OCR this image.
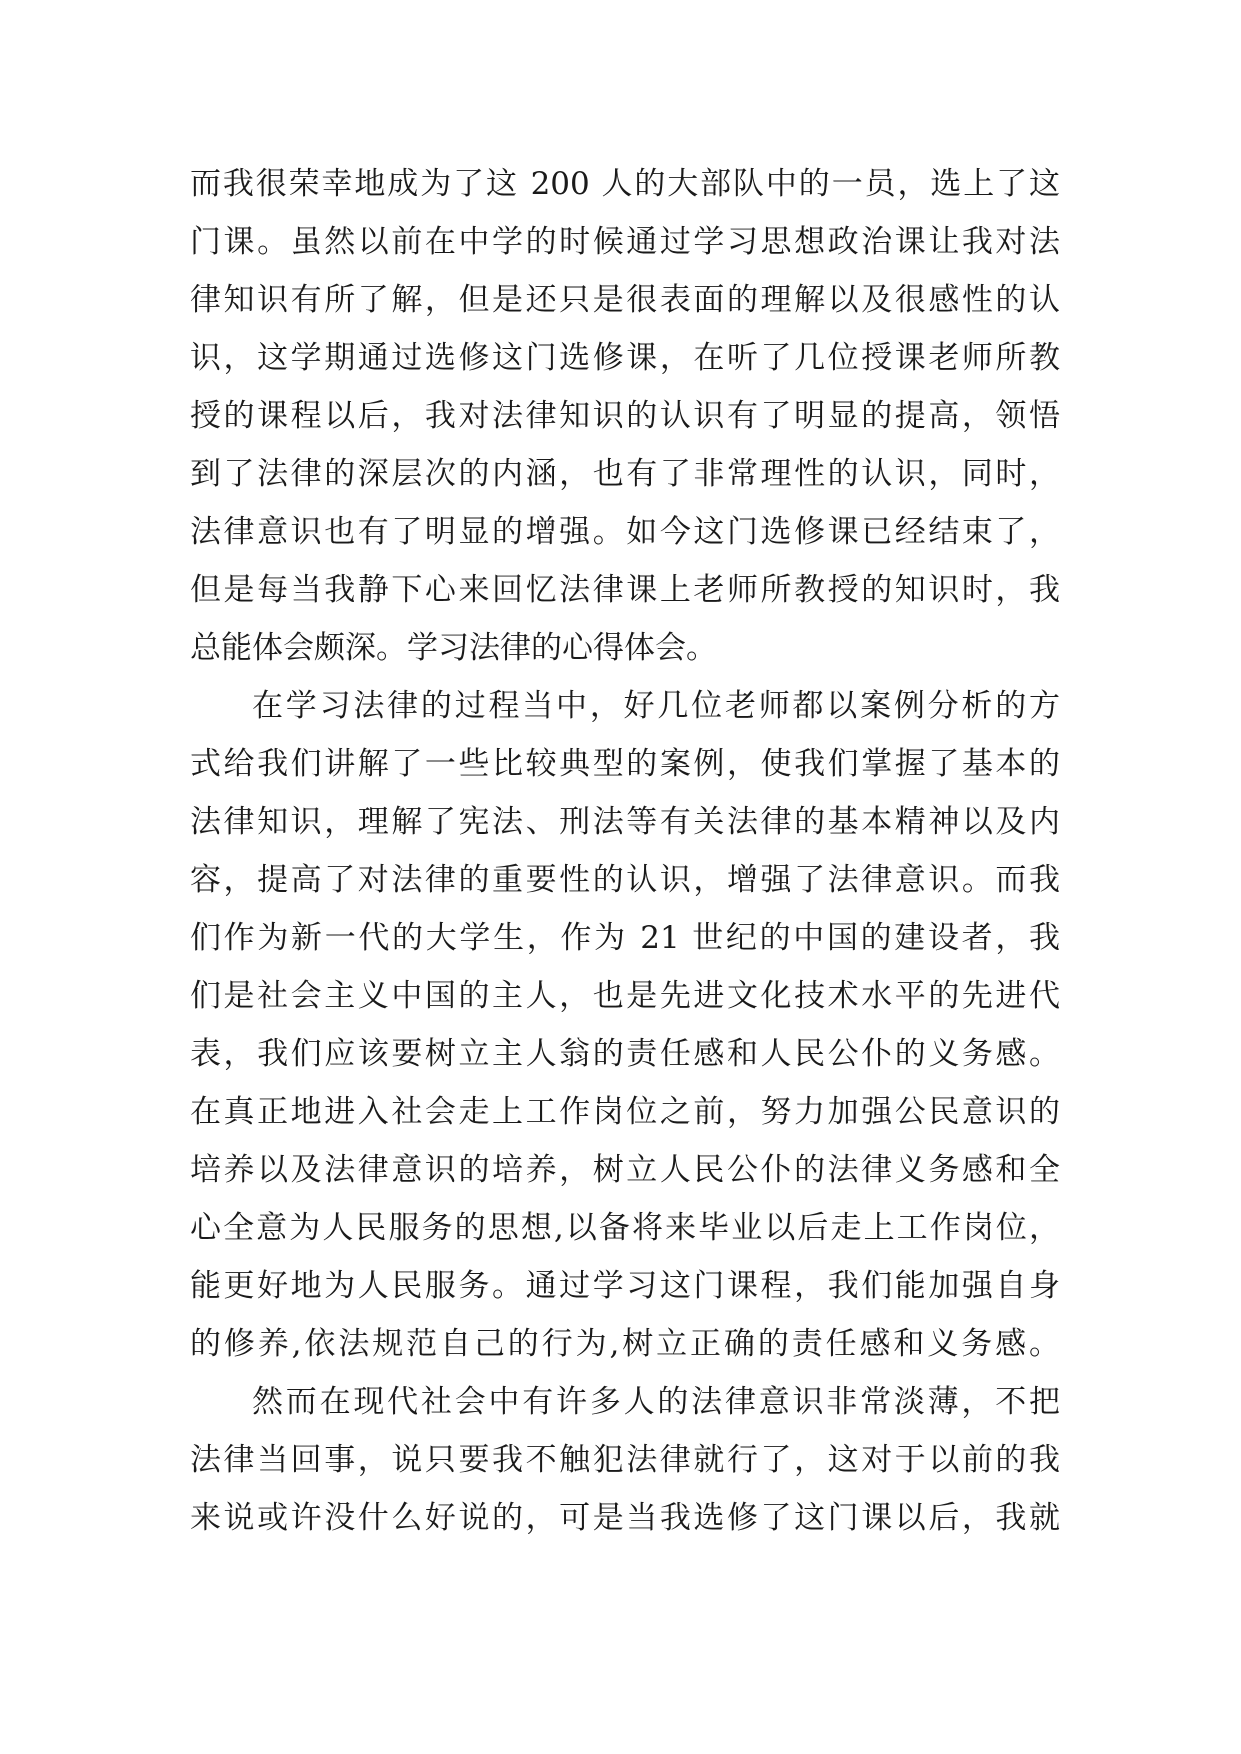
而我很荣幸地成为了这 200 人的大部队中的一员，选上了这
门课。虽然以前在中学的时候通过学习思想政治课让我对法
律知识有所了解，但是还只是很表面的理解以及很感性的认
识，这学期通过选修这门选修课，在听了几位授课老师所教
授的课程以后，我对法律知识的认识有了明显的提高，领悟
到了法律的深层次的内涵，也有了非常理性的认识，同时，
法律意识也有了明显的增强。如今这门选修课已经结束了，
但是每当我静下心来回忆法律课上老师所教授的知识时，我
总能体会颇深。学习法律的心得体会。
在学习法律的过程当中，好几位老师都以案例分析的方
式给我们讲解了一些比较典型的案例，使我们掌握了基本的
法律知识，理解了宪法、刑法等有关法律的基本精神以及内
容，提高了对法律的重要性的认识，增强了法律意识。而我
们作为新一代的大学生，作为 21 世纪的中国的建设者，我
们是社会主义中国的主人，也是先进文化技术水平的先进代
表，我们应该要树立主人翁的责任感和人民公仆的义务感。
在真正地进入社会走上工作岗位之前，努力加强公民意识的
培养以及法律意识的培养，树立人民公仆的法律义务感和全
心全意为人民服务的思想,以备将来毕业以后走上工作岗位，
能更好地为人民服务。通过学习这门课程，我们能加强自身
的修养,依法规范自己的行为,树立正确的责任感和义务感。
然而在现代社会中有许多人的法律意识非常淡薄，不把
法律当回事，说只要我不触犯法律就行了，这对于以前的我
来说或许没什么好说的，可是当我选修了这门课以后，我就
